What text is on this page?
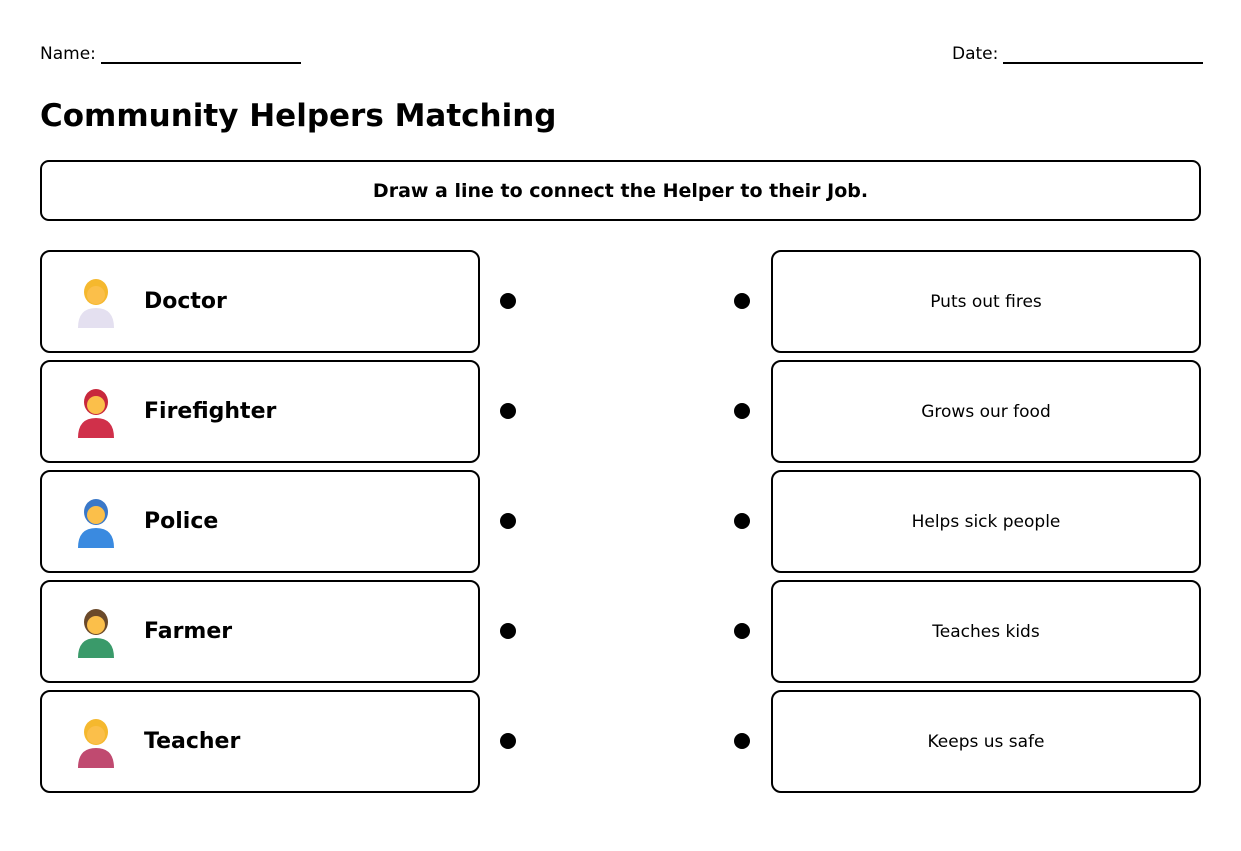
Name:	Date:
Community Helpers Matching
Draw a line to connect the Helper to their Job.
Doctor	Puts out fires
Firefighter	Grows our food
Police	Helps sick people
Farmer	Teaches kids
Teacher	Keeps us safe
